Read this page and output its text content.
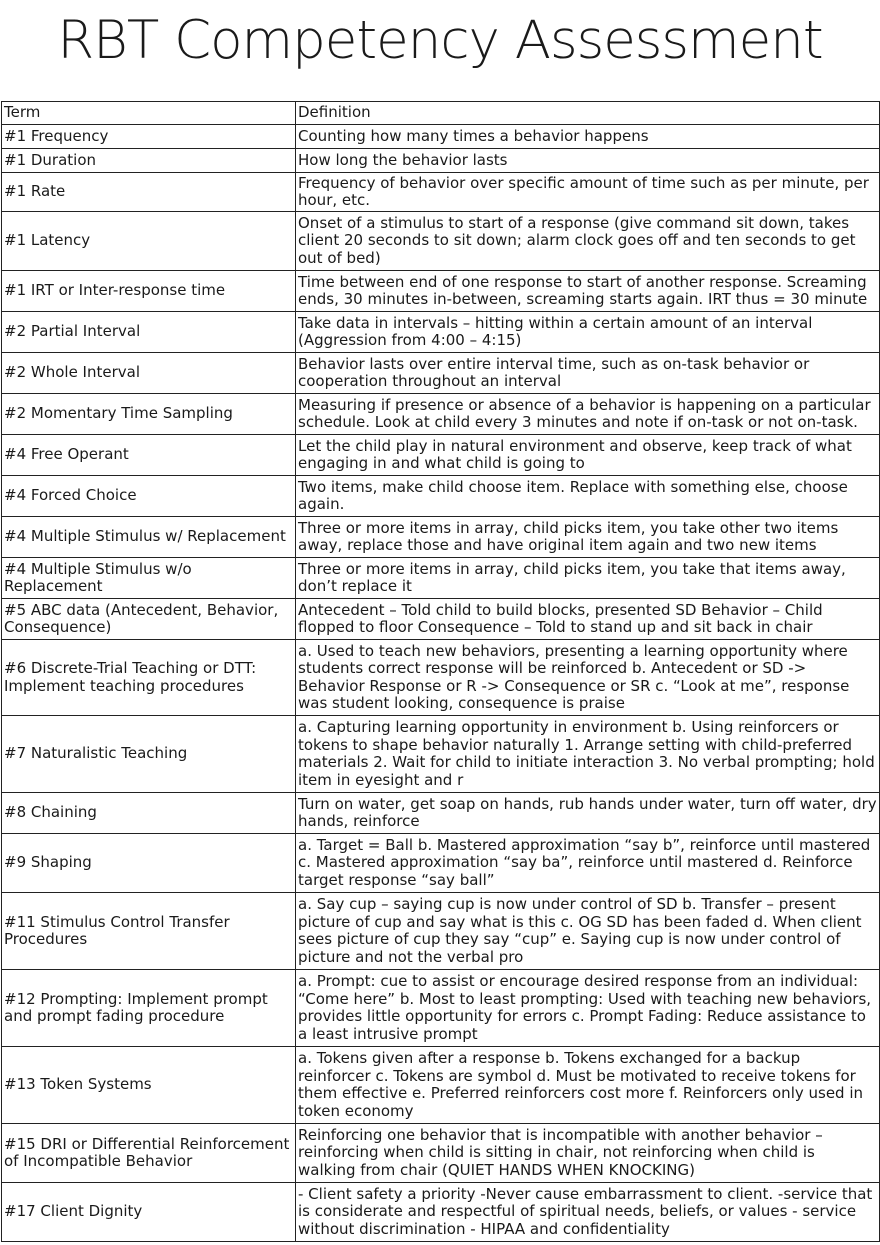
RBT Competency Assessment
Term	Definition
#1 Frequency	Counting how many times a behavior happens
#1 Duration	How long the behavior lasts
#1 Rate	Frequency of behavior over specific amount of time such as per minute, per hour, etc.
#1 Latency	Onset of a stimulus to start of a response (give command sit down, takes client 20 seconds to sit down; alarm clock goes off and ten seconds to get out of bed)
#1 IRT or Inter-response time	Time between end of one response to start of another response. Screaming ends, 30 minutes in-between, screaming starts again. IRT thus = 30 minute
#2 Partial Interval	Take data in intervals – hitting within a certain amount of an interval (Aggression from 4:00 – 4:15)
#2 Whole Interval	Behavior lasts over entire interval time, such as on-task behavior or cooperation throughout an interval
#2 Momentary Time Sampling	Measuring if presence or absence of a behavior is happening on a particular schedule. Look at child every 3 minutes and note if on-task or not on-task.
#4 Free Operant	Let the child play in natural environment and observe, keep track of what engaging in and what child is going to
#4 Forced Choice	Two items, make child choose item. Replace with something else, choose again.
#4 Multiple Stimulus w/ Replacement	Three or more items in array, child picks item, you take other two items away, replace those and have original item again and two new items
#4 Multiple Stimulus w/o Replacement	Three or more items in array, child picks item, you take that items away, don’t replace it
#5 ABC data (Antecedent, Behavior, Consequence)	Antecedent – Told child to build blocks, presented SD Behavior – Child flopped to floor Consequence – Told to stand up and sit back in chair
#6 Discrete-Trial Teaching or DTT: Implement teaching procedures	a. Used to teach new behaviors, presenting a learning opportunity where students correct response will be reinforced b. Antecedent or SD -> Behavior Response or R -> Consequence or SR c. “Look at me”, response was student looking, consequence is praise
#7 Naturalistic Teaching	a. Capturing learning opportunity in environment b. Using reinforcers or tokens to shape behavior naturally 1. Arrange setting with child-preferred materials 2. Wait for child to initiate interaction 3. No verbal prompting; hold item in eyesight and r
#8 Chaining	Turn on water, get soap on hands, rub hands under water, turn off water, dry hands, reinforce
#9 Shaping	a. Target = Ball b. Mastered approximation “say b”, reinforce until mastered c. Mastered approximation “say ba”, reinforce until mastered d. Reinforce target response “say ball”
#11 Stimulus Control Transfer Procedures	a. Say cup – saying cup is now under control of SD b. Transfer – present picture of cup and say what is this c. OG SD has been faded d. When client sees picture of cup they say “cup” e. Saying cup is now under control of picture and not the verbal pro
#12 Prompting: Implement prompt and prompt fading procedure	a. Prompt: cue to assist or encourage desired response from an individual: “Come here” b. Most to least prompting: Used with teaching new behaviors, provides little opportunity for errors c. Prompt Fading: Reduce assistance to a least intrusive prompt
#13 Token Systems	a. Tokens given after a response b. Tokens exchanged for a backup reinforcer c. Tokens are symbol d. Must be motivated to receive tokens for them effective e. Preferred reinforcers cost more f. Reinforcers only used in token economy
#15 DRI or Differential Reinforcement of Incompatible Behavior	Reinforcing one behavior that is incompatible with another behavior – reinforcing when child is sitting in chair, not reinforcing when child is walking from chair (QUIET HANDS WHEN KNOCKING)
#17 Client Dignity	- Client safety a priority -Never cause embarrassment to client. -service that is considerate and respectful of spiritual needs, beliefs, or values - service without discrimination - HIPAA and confidentiality
